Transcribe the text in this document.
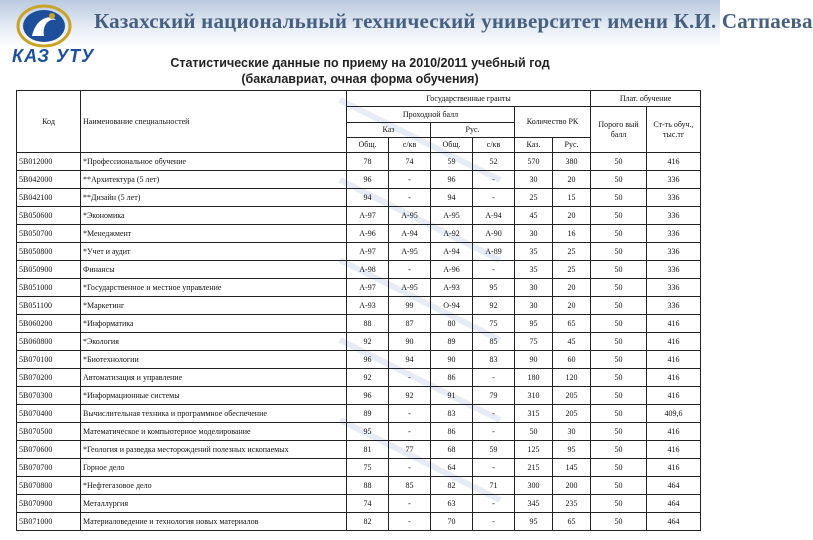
КАЗ УТУ
Казахский национальный технический университет имени К.И. Сатпаева
Статистические данные по приему на 2010/2011 учебный год
(бакалавриат, очная форма обучения)
Код	Наименование специальностей	Государственные гранты						Плат. обучение	
		Проходной балл				Количество РК		Порого вый балл	Ст-ть обуч., тыс.тг
		Каз		Рус.					
		Общ.	с/кв	Общ.	с/кв	Каз.	Рус.		
5B012000	*Профессиональное обучение	78	74	59	52	570	380	50	416
5B042000	**Архитектура (5 лет)	96	-	96	-	30	20	50	336
5B042100	**Дизайн (5 лет)	94	-	94	-	25	15	50	336
5B050600	*Экономика	А-97	А-95	А-95	А-94	45	20	50	336
5B050700	*Менеджмент	А-96	А-94	А-92	А-90	30	16	50	336
5B050800	*Учет и аудит	А-97	А-95	А-94	А-89	35	25	50	336
5B050900	Финансы	А-98	-	А-96	-	35	25	50	336
5B051000	*Государственное и местное управление	А-97	А-95	А-93	95	30	20	50	336
5B051100	*Маркетинг	А-93	99	О-94	92	30	20	50	336
5B060200	*Информатика	88	87	80	75	95	65	50	416
5B060800	*Экология	92	90	89	85	75	45	50	416
5B070100	*Биотехнологии	96	94	90	83	90	60	50	416
5B070200	Автоматизация и управление	92	-	86	-	180	120	50	416
5B070300	*Информационные системы	96	92	91	79	310	205	50	416
5B070400	Вычислительная техника и программное обеспечение	89	-	83	-	315	205	50	409,6
5B070500	Математическое и компьютерное моделирование	95	-	86	-	50	30	50	416
5B070600	*Геология и разведка месторождений полезных ископаемых	81	77	68	59	125	95	50	416
5B070700	Горное дело	75	-	64	-	215	145	50	416
5B070800	*Нефтегазовое дело	88	85	82	71	300	200	50	464
5B070900	Металлургия	74	-	63	-	345	235	50	464
5B071000	Материаловедение и технология новых материалов	82	-	70	-	95	65	50	464
